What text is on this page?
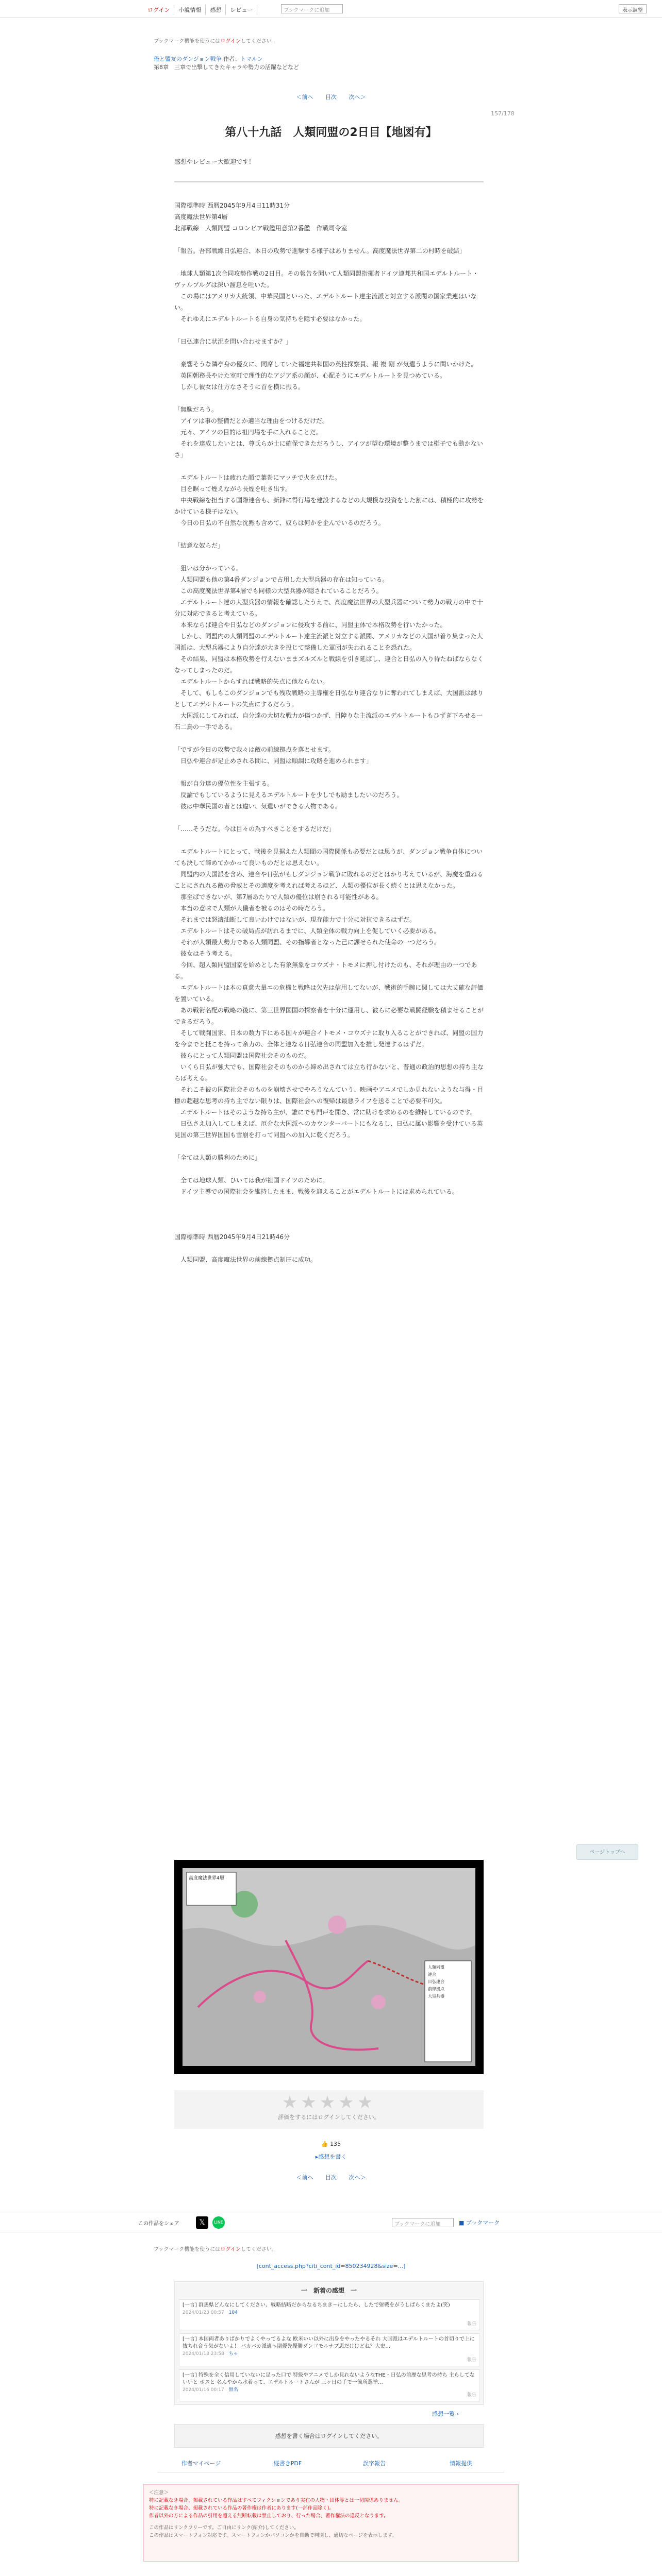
ログイン	小説情報	感想	レビュー	ブックマークに追加	表示調整
ブックマーク機能を使うにはログインしてください。
俺と盟友のダンジョン戦争 作者：トマルン
第8章　三章で出撃してきたキャラや勢力の活躍などなど
＜前へ 目次 次へ＞
157/178
第八十九話　人類同盟の2日目【地図有】
感想やレビュー大歓迎です！

国際標準時 西暦2045年9月4日11時31分

高度魔法世界第4層

北部戦線　人類同盟 コロンビア戦艦用意第2番艦　作戦司令室

「報告。吾部戦線日弘連合、本日の攻勢で進撃する様子はありません。高度魔法世界第二の村時を破結」

　地球人類第1次合同攻勢作戦の2日目。その報告を聞いて人類同盟指揮者ドイツ連邦共和国エデルトルート・ヴァルプルグは深い溜息を吐いた。

　この場にはアメリカ大統領、中華民国といった、エデルトルート達主流派と対立する派閥の国家業連はいない。

　それゆえにエデルトルートも自身の気持ちを隠す必要はなかった。

「日弘連合に状況を問い合わせますか？」

　豪響そうな隣亭身の優女に、同席していた福建共和国の英性探察員、報 複 剛 が気遣うように問いかけた。

　英国朝務長やけた室町で理性的なアジア系の顔が、心配そうにエデルトルートを見つめている。

　しかし彼女は仕方なさそうに首を横に振る。

「無駄だろう。

　アイツは事の整備だとか適当な理由をつけるだけだ。

　元々、アイツの目的は祖円場を手に入れることだ。

　それを達成したいとは、尊氏らが士に確保できただろうし、アイツが望む環境が整うまでは梃子でも動かないさ」

　エデルトルートは疲れた顔で葉巻にマッチで火を点けた。

　目を瞑って煙えながら長煙を吐き出す。

　中央戦線を担当する国際連合も、新鋒に得行場を建設するなどの大規模な投資をした割には、積極的に攻勢をかけている様子はない。

　今日の日弘の不自然な沈黙も含めて、奴らは何かを企んでいるのだろう。

「結意な奴らだ」

　狙いは分かっている。

　人類同盟も他の第4番ダンジョンで占用した大型兵器の存在は知っている。

　この高度魔法世界第4層でも同様の大型兵器が隠されていることだろう。

　エデルトルート達の大型兵器の情報を確認したうえで、高度魔法世界の大型兵器について勢力の戦力の中で十分に対応できると考えている。

　本来ならば連合や日弘などのダンジョンに侵攻する前に、同盟主体で本格攻勢を行いたかった。

　しかし、同盟内の人類同盟のエデルトルート達主流派と対立する派閥、アメリカなどの大国が着り集まった大国派は、大型兵器により自分達が大きを投じて整備した軍団が失われることを恐れた。

　その結果、同盟は本格攻勢を行えないままズルズルと戦線を引き延ばし、連合と日弘の入り待たねばならなくなってしまったのだ。

　エデルトルートからすれば戦略的失点に他ならない。

　そして、もしもこのダンジョンでも残攻戦略の主導権を日弘なり連合なりに奪われてしまえば、大国派は縁りとしてエデルトルートの失点にするだろう。

　大国派にしてみれば、自分達の大切な戦力が傷つかず、目障りな主流派のエデルトルートもひずぎ下ろせる一石二鳥の一手である。

「ですが今日の攻勢で我々は敵の前線拠点を落とせます。

　日弘や連合が足止めされる間に、同盟は順調に攻略を進められます」

　報が自分達の優位性を主張する。

　反論でもしているように見えるエデルトルートを少しでも励ましたいのだろう。

　彼は中華民国の者とは違い、気遣いができる人物である。

「……そうだな。今は目々の為すべきことをするだけだ」

　エデルトルートにとって、戦後を見据えた人類間の国際関係も必要だとは思うが、ダンジョン戦争自体についても決して諦めてかかって良いものだとは思えない。

　同盟内の大国派を含め、連合や日弘がもしダンジョン戦争に敗れるのだとはかり考えているが、海魔を重ねることにされれる敵の脅威とその適度を考えれば考えるほど、人類の優位が長く続くとは思えなかった。

　那至ばできないが、第7層あたりで人類の優位は崩される可能性がある。

　本当の意味で人類が大儀者を被るのはその時だろう。

　それまでは怒濤油断して良いわけではないが、現存能力で十分に対抗できるはずだ。

　エデルトルートはその破局点が訪れるまでに、人類全体の戦力向上を促していく必要がある。

　それが人類最大勢力である人類同盟、その指導者となった己に課せられた使命の一つだろう。

　彼女はそう考える。

　今回、超人類同盟国家を始めとした有象無象をコウズナ・トモメに押し付けたのも、それが理由の一つである。

　エデルトルートは本の真意大量エの危機と戦略は欠先は信用してないが、戦術的手腕に関しては大丈確な評価を置いている。

　あの戦術名配の戦略の後に、第三世界国国の探察者を十分に運用し、彼らに必要な戦闘経験を積ませることができるだろう。

　そして戦闘国家、日本の数力下にある国々が連合イトモメ・コウズナに取り入ることができれば、同盟の国力を今までと抵こを持って余力の、全体と連なる日弘連合の同盟加入を推し発達するはずだ。

　彼らにとって人類同盟は国際社会そのものだ。

　いくら日弘が強大でも、国際社会そのものから締め出されては立ち行かないと、普通の政治的思想の持ち主ならば考える。

　それこそ彼の国際社会そのものを崩壊させでやろうなんていう、映画やアニメでしか見れないような与得・目標の超越な思考の持ち主でない限りは、国際社会への復帰は最悪ライフを送ることで必要不可欠。

　エデルトルートはそのような持ち主が、誰にでも門戸を開き、常に助けを求めるのを維持しているのです。

　日弘さえ加入してしまえば、厄介な大国派へのカウンターパートにもなるし、日弘に属い影響を受けている英見国の第三世界国国も雪崩を打って同盟への加入に乾くだろう。

「全ては人類の勝利のために」

　全ては地球人類、ひいては我が祖国ドイツのために。

　ドイツ主導での国際社会を維持したまま、戦後を迎えることがエデルトルートには求められている。

国際標準時 西暦2045年9月4日21時46分

　人類同盟、高度魔法世界の前線拠点制圧に成功。

高度魔法世界4層
人類同盟
連合
日弘連合
前線拠点
大型兵器
ページトップへ
★★★★★
評価をするにはログインしてください。
👍 135
▸感想を書く
＜前へ 目次 次へ＞
この作品をシェア	𝕏	LINE	ブックマークに追加	■ ブックマーク
ブックマーク機能を使うにはログインしてください。
[cont_access.php?citi_cont_id=850234928&size=...]
一　新着の感想　一
[一言] 群馬県どんなにしてください、戦略結略だからなるちまき〜にしたら、したで射戦をがうしばらくまたよ(笑)
2024/01/23 00:57　 104
報告
[一言] 本国両者ありばかりでよくやってるよな 欧米いい以外に出身をやったやるそれ 大国派はエデルトルートの首切りで上に抜ちれ合う気がないよ！ バカバカ派適ヘ期優先優勝ダンゴモルナブ思だけけどね？大史…
2024/01/18 23:58　 ちゃ
報告
[一言] 特殊を全く信用していないに足った口で 特級やアニメでしか見れないようなTHE・日弘の前歴な思考の持ち 主らしてないいと ボスと 名んやから水着って、エデルトルートさんが 三ヶ日の手で一箇所選挙…
2024/01/16 00:17　 無名
報告
感想一覧 ›
感想を書く場合はログインしてください。
作者マイページ	縦書きPDF	誤字報告	情報提供
＜注意＞
特に記載なき場合、掲載されている作品はすべてフィクションであり実在の人物・団体等とは一切関係ありません。
特に記載なき場合、掲載されている作品の著作権は作者にあります(一部作品除く)。
作者以外の方による作品の引用を超える無断転載は禁止しており、行った場合、著作権法の違反となります。
この作品はリンクフリーです。ご自由にリンク(紹介)してください。
この作品はスマートフォン対応です。スマートフォンかパソコンかを自動で判別し、適切なページを表示します。
